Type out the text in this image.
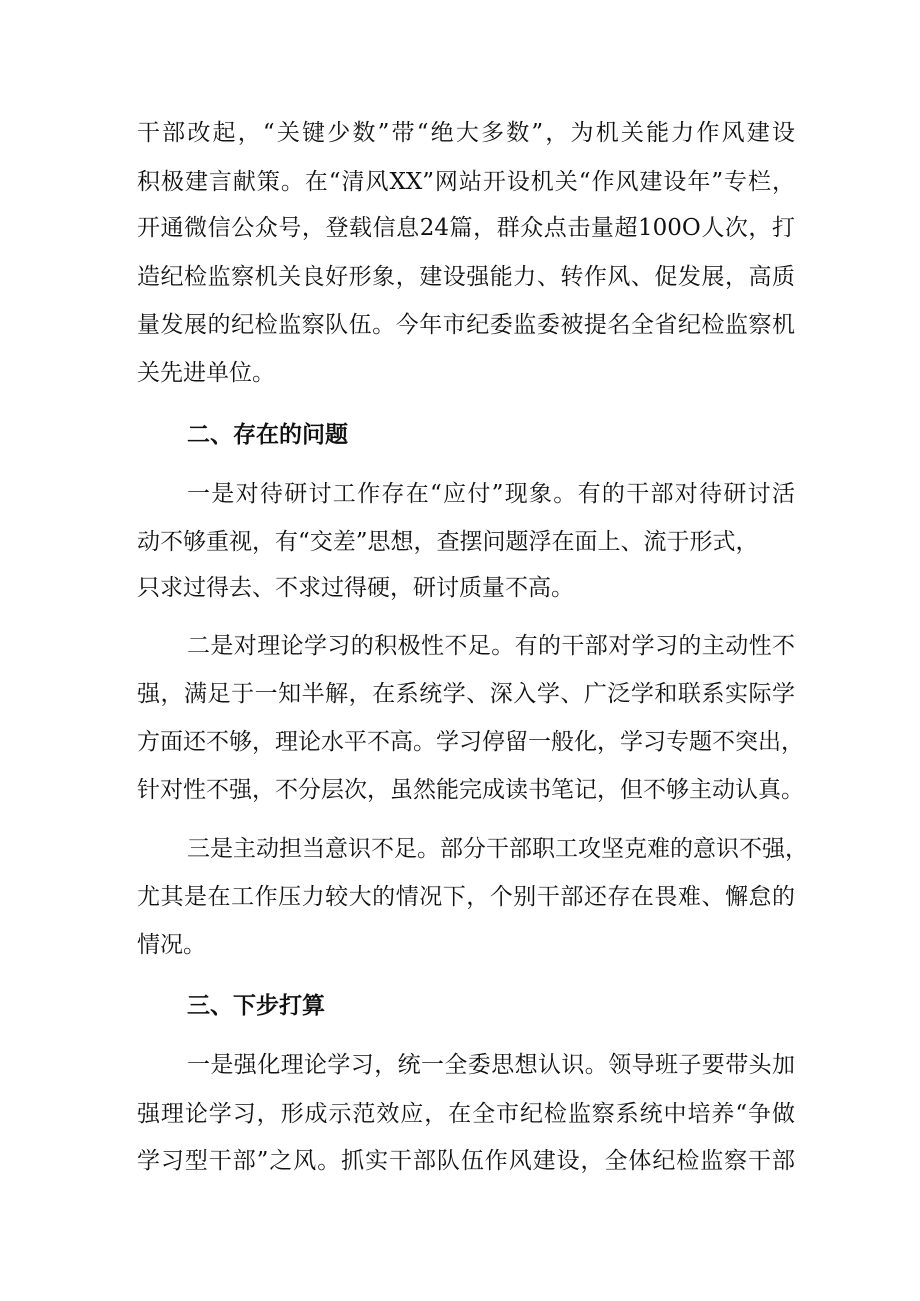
干部改起，“关键少数”带“绝大多数”，为机关能力作风建设

积极建言献策。在“清风XX”网站开设机关“作风建设年”专栏，

开通微信公众号，登载信息24篇，群众点击量超100O人次，打

造纪检监察机关良好形象，建设强能力、转作风、促发展，高质

量发展的纪检监察队伍。今年市纪委监委被提名全省纪检监察机

关先进单位。

二、存在的问题

一是对待研讨工作存在“应付”现象。有的干部对待研讨活

动不够重视，有“交差”思想，查摆问题浮在面上、流于形式，

只求过得去、不求过得硬，研讨质量不高。

二是对理论学习的积极性不足。有的干部对学习的主动性不

强，满足于一知半解，在系统学、深入学、广泛学和联系实际学

方面还不够，理论水平不高。学习停留一般化，学习专题不突出，

针对性不强，不分层次，虽然能完成读书笔记，但不够主动认真。

三是主动担当意识不足。部分干部职工攻坚克难的意识不强，

尤其是在工作压力较大的情况下，个别干部还存在畏难、懈怠的

情况。

三、下步打算

一是强化理论学习，统一全委思想认识。领导班子要带头加

强理论学习，形成示范效应，在全市纪检监察系统中培养“争做

学习型干部”之风。抓实干部队伍作风建设，全体纪检监察干部
